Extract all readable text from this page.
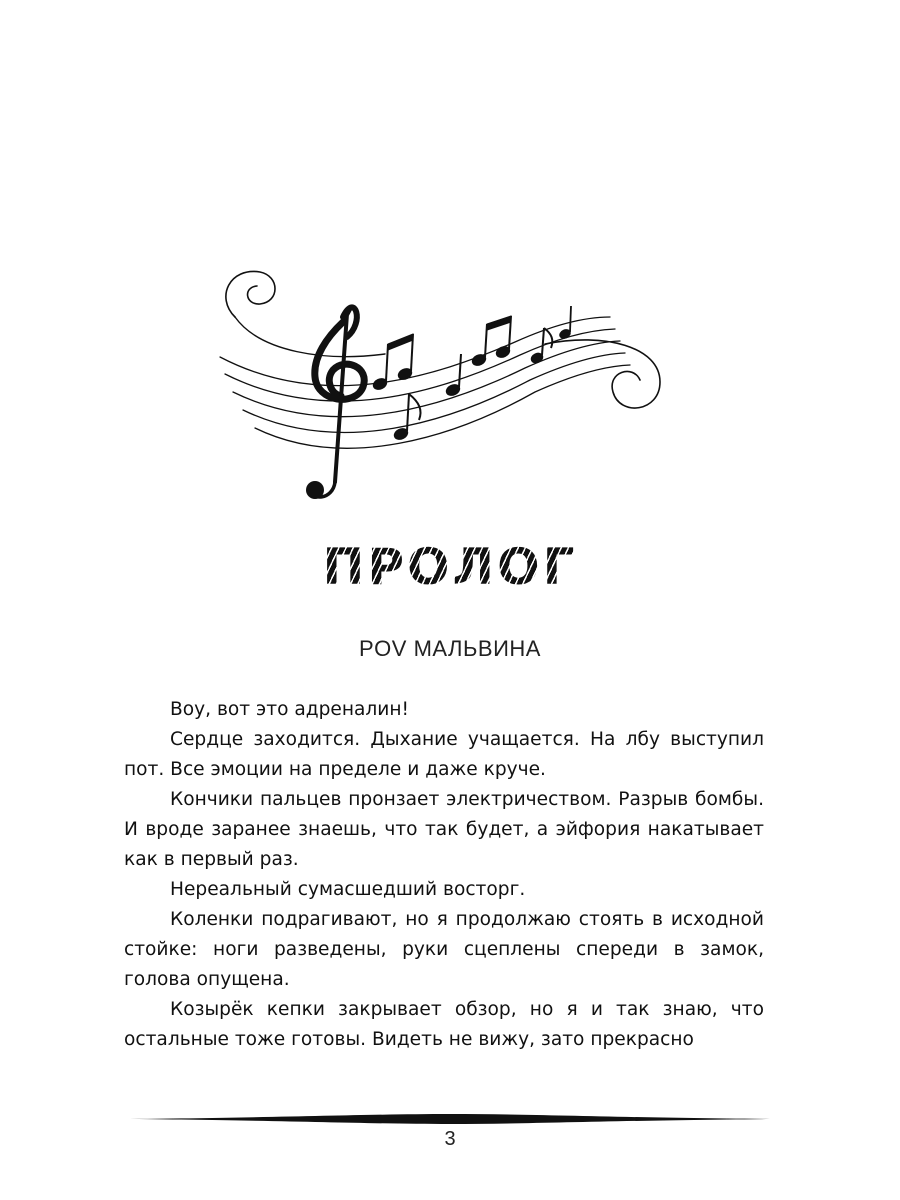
ПРОЛОГ
POV МАЛЬВИНА

Воу, вот это адреналин!

Сердце заходится. Дыхание учащается. На лбу выступил пот. Все эмоции на пределе и даже круче.

Кончики пальцев пронзает электричеством. Разрыв бомбы. И вроде заранее знаешь, что так будет, а эйфория накатывает как в первый раз.

Нереальный сумасшедший восторг.

Коленки подрагивают, но я продолжаю стоять в исходной стойке: ноги разведены, руки сцеплены спереди в замок, голова опущена.

Козырёк кепки закрывает обзор, но я и так знаю, что остальные тоже готовы. Видеть не вижу, зато прекрасно

3
